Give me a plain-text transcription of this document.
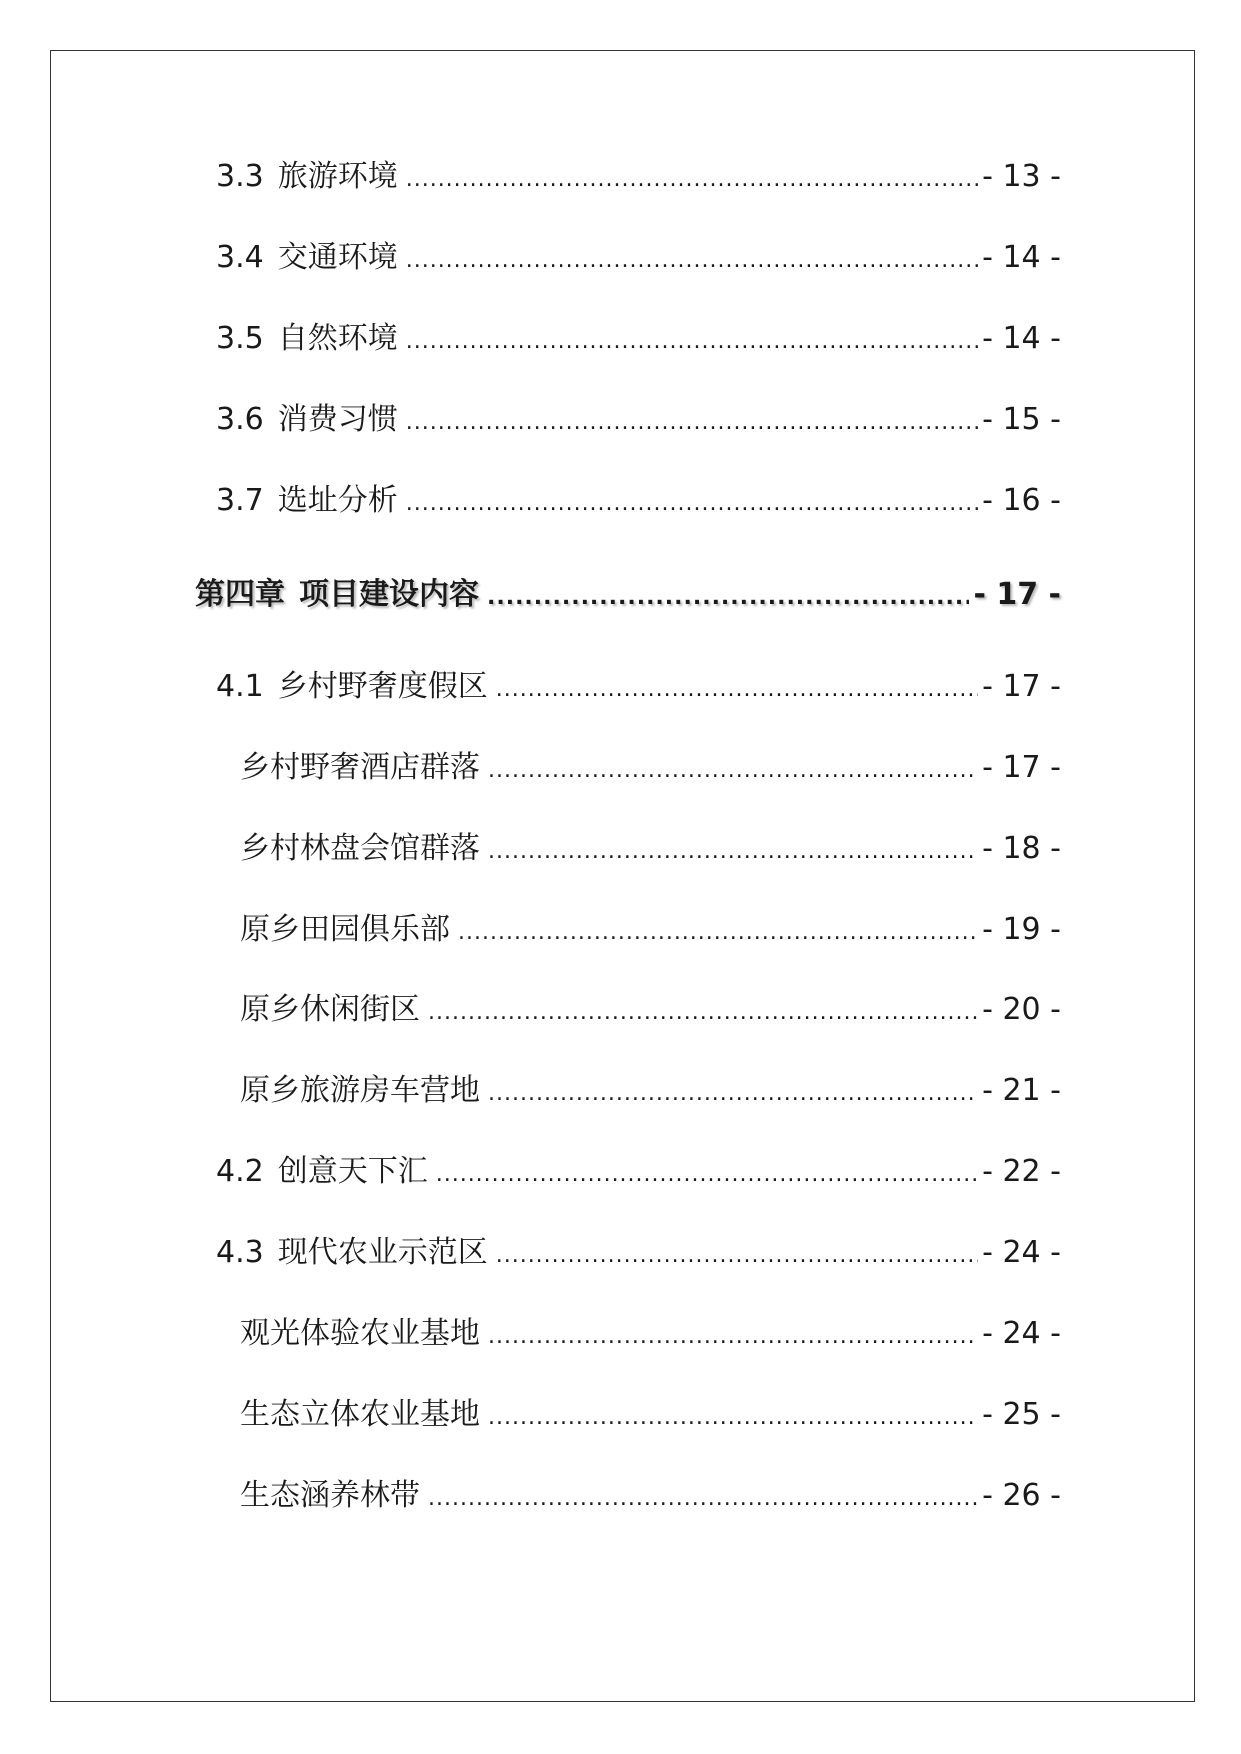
3.3 旅游环境 .....	- 13 -
3.4 交通环境 .....	- 14 -
3.5 自然环境 .....	- 14 -
3.6 消费习惯 .....	- 15 -
3.7 选址分析 .....	- 16 -
第四章 项目建设内容 .....	- 17 -
4.1 乡村野奢度假区 .....	- 17 -
乡村野奢酒店群落 .....	- 17 -
乡村林盘会馆群落 .....	- 18 -
原乡田园俱乐部 .....	- 19 -
原乡休闲街区 .....	- 20 -
原乡旅游房车营地 .....	- 21 -
4.2 创意天下汇 .....	- 22 -
4.3 现代农业示范区 .....	- 24 -
观光体验农业基地 .....	- 24 -
生态立体农业基地 .....	- 25 -
生态涵养林带 .....	- 26 -
